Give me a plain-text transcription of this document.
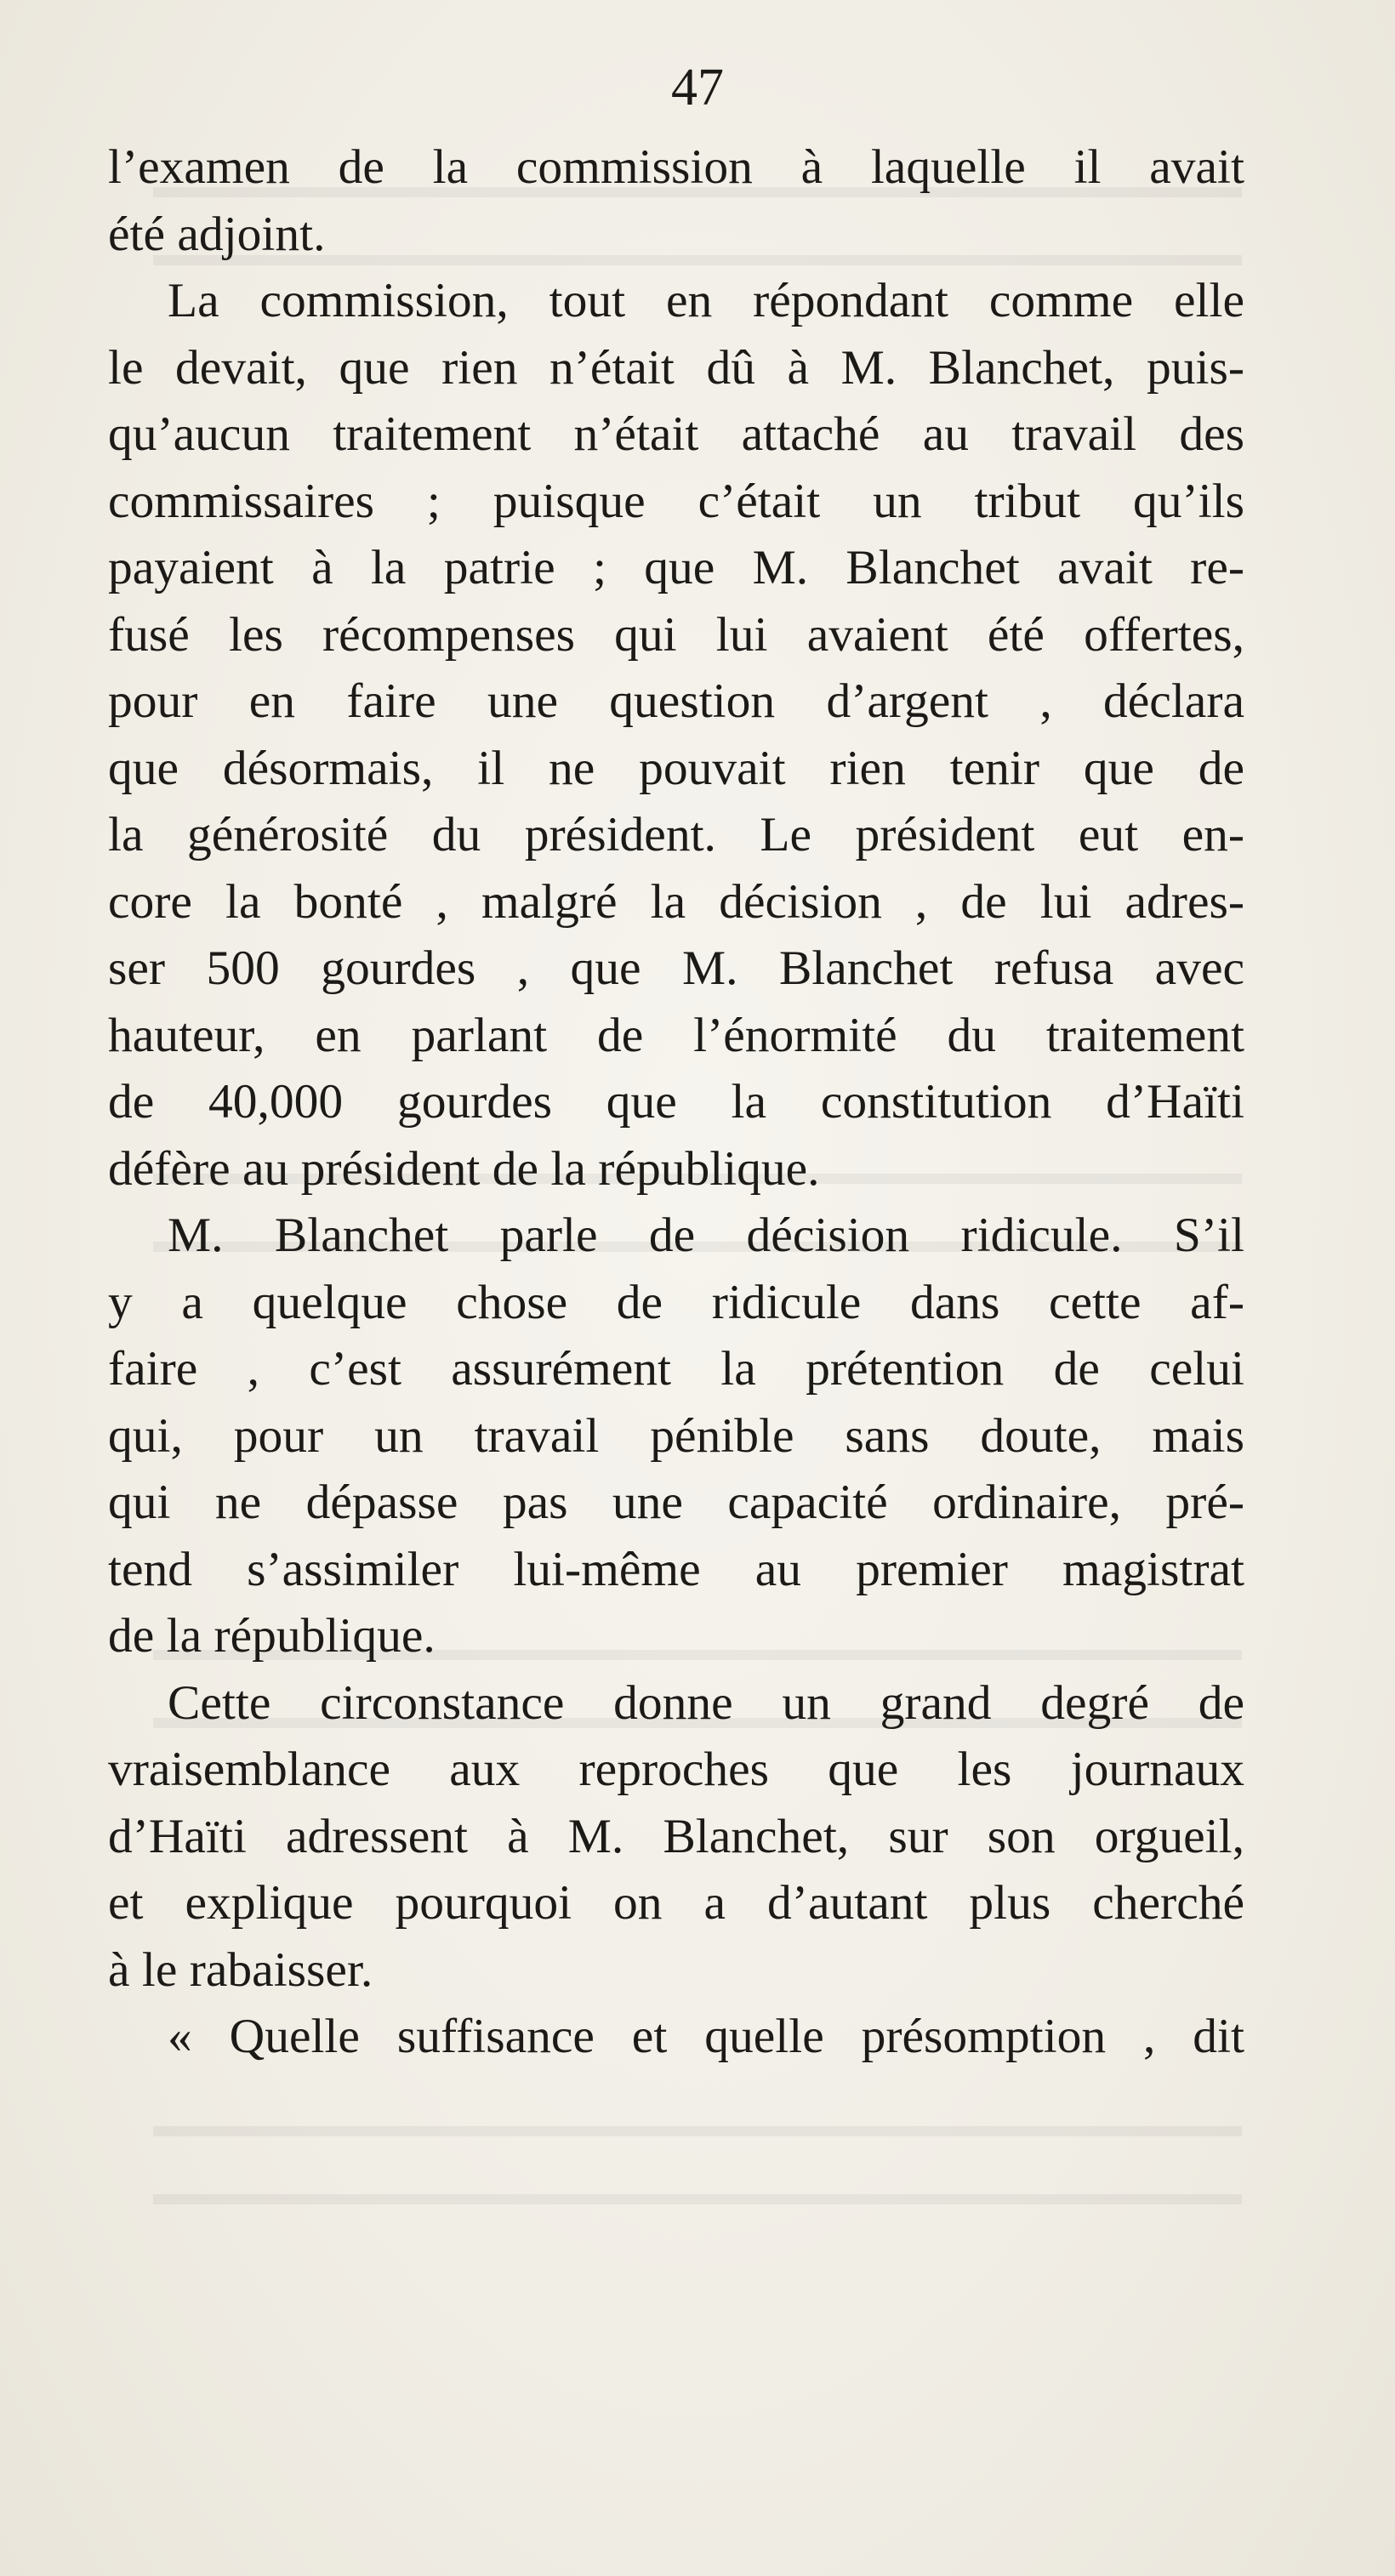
47
l’examen de la commission à laquelle il avait
été adjoint.
La commission, tout en répondant comme elle
le devait, que rien n’était dû à M. Blanchet, puis-
qu’aucun traitement n’était attaché au travail des
commissaires ; puisque c’était un tribut qu’ils
payaient à la patrie ; que M. Blanchet avait re-
fusé les récompenses qui lui avaient été offertes,
pour en faire une question d’argent , déclara
que désormais, il ne pouvait rien tenir que de
la générosité du président. Le président eut en-
core la bonté , malgré la décision , de lui adres-
ser 500 gourdes , que M. Blanchet refusa avec
hauteur, en parlant de l’énormité du traitement
de 40,000 gourdes que la constitution d’Haïti
défère au président de la république.
M. Blanchet parle de décision ridicule. S’il
y a quelque chose de ridicule dans cette af-
faire , c’est assurément la prétention de celui
qui, pour un travail pénible sans doute, mais
qui ne dépasse pas une capacité ordinaire, pré-
tend s’assimiler lui-même au premier magistrat
de la république.
Cette circonstance donne un grand degré de
vraisemblance aux reproches que les journaux
d’Haïti adressent à M. Blanchet, sur son orgueil,
et explique pourquoi on a d’autant plus cherché
à le rabaisser.
« Quelle suffisance et quelle présomption , dit
